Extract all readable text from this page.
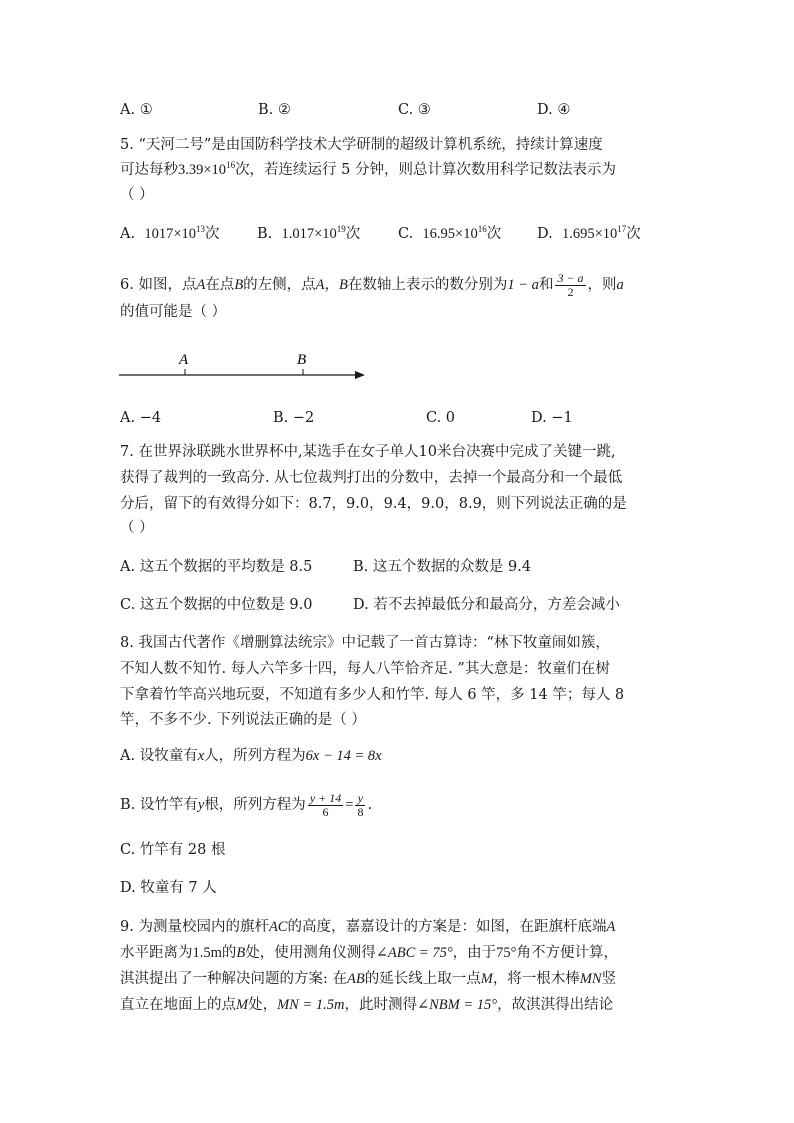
A. ①	B. ②	C. ③	D. ④
5. “天河二号”是由国防科学技术大学研制的超级计算机系统，持续计算速度
可达每秒$3.39\times 10^{16}$次，若连续运行 5 分钟，则总计算次数用科学记数法表示为
（ ）
A. $1017\times 10^{13}$次	B. $1.017\times 10^{19}$次	C. $16.95\times 10^{16}$次 D. $1.695\times 10^{17}$次
6. 如图，点A在点B的左侧，点A，B在数轴上表示的数分别为1 − a和 $\frac{3 - a}{2}$ ，则a
的值可能是（ ）
A	B
A. −4	B. −2	C. 0	D. −1
7. 在世界泳联跳水世界杯中,某选手在女子单人10米台决赛中完成了关键一跳,
获得了裁判的一致高分. 从七位裁判打出的分数中，去掉一个最高分和一个最低
分后，留下的有效得分如下：8.7，9.0，9.4，9.0，8.9，则下列说法正确的是
（ ）
A. 这五个数据的平均数是 8.5	B. 这五个数据的众数是 9.4
C. 这五个数据的中位数是 9.0	D. 若不去掉最低分和最高分，方差会减小
8. 我国古代著作《增删算法统宗》中记载了一首古算诗：“林下牧童闹如簇，
不知人数不知竹. 每人六竿多十四，每人八竿恰齐足. ”其大意是：牧童们在树
下拿着竹竿高兴地玩耍，不知道有多少人和竹竿. 每人 6 竿，多 14 竿；每人 8
竿，不多不少. 下列说法正确的是（ ）
A. 设牧童有x人，所列方程为6x − 14 = 8x
B. 设竹竿有y根，所列方程为 $\frac{y + 14}{6} = \frac{y}{8}$ .
C. 竹竿有 28 根
D. 牧童有 7 人
9. 为测量校园内的旗杆AC的高度，嘉嘉设计的方案是：如图，在距旗杆底端A
水平距离为1.5m的B处，使用测角仪测得∠ABC = 75°，由于75°角不方便计算，
淇淇提出了一种解决问题的方案: 在AB的延长线上取一点M，将一根木棒MN竖
直立在地面上的点M处，MN = 1.5m，此时测得∠NBM = 15°，故淇淇得出结论
